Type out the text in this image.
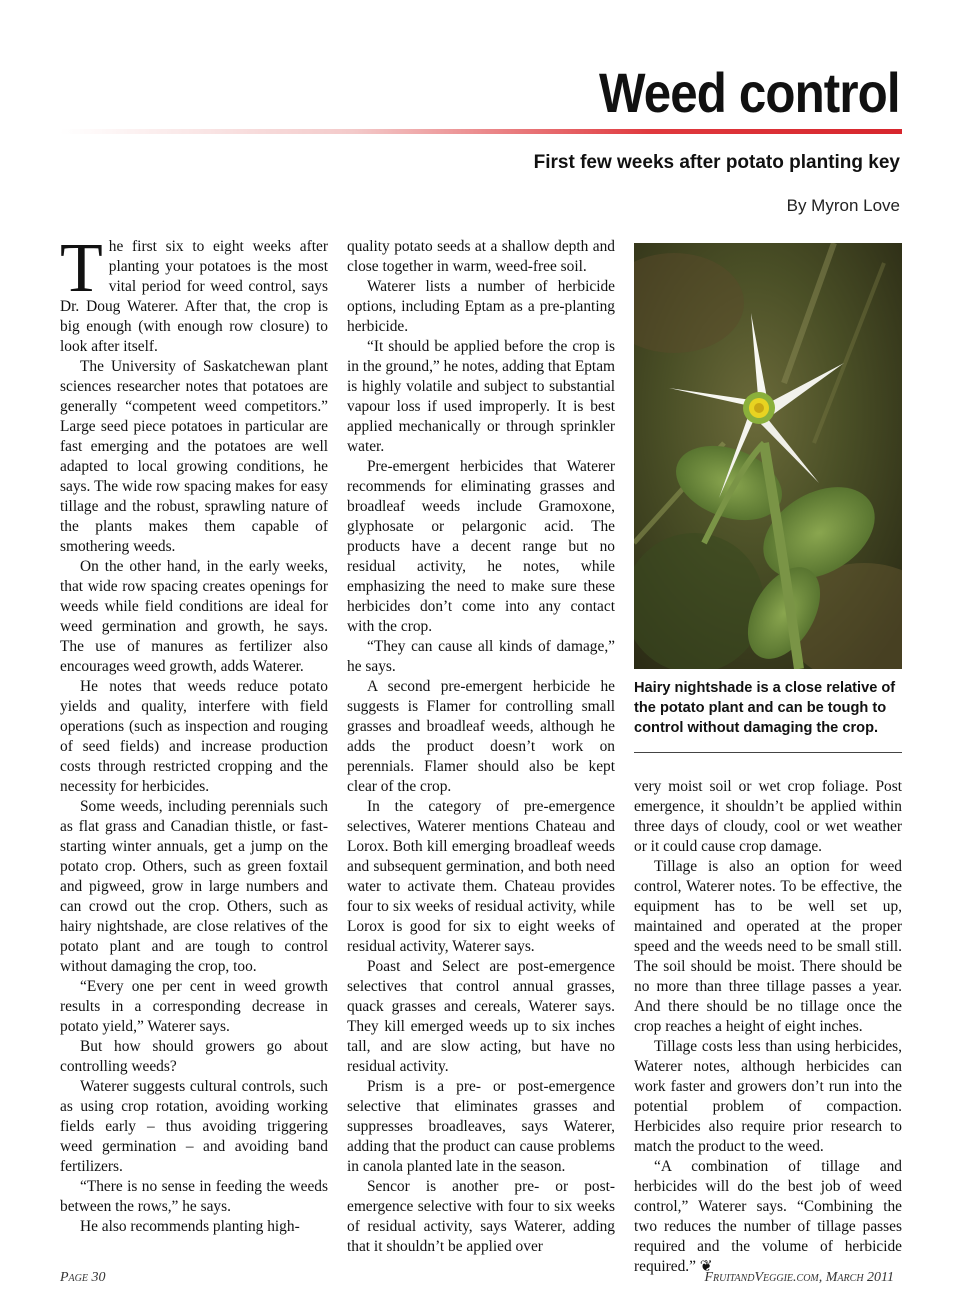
Weed control
First few weeks after potato planting key
By Myron Love

The first six to eight weeks after planting your potatoes is the most vital period for weed control, says Dr. Doug Waterer. After that, the crop is big enough (with enough row closure) to look after itself.

The University of Saskatchewan plant sciences researcher notes that potatoes are generally “competent weed competitors.” Large seed piece potatoes in particular are fast emerging and the potatoes are well adapted to local growing conditions, he says. The wide row spacing makes for easy tillage and the robust, sprawling nature of the plants makes them capable of smothering weeds.

On the other hand, in the early weeks, that wide row spacing creates openings for weeds while field conditions are ideal for weed germination and growth, he says. The use of manures as fertilizer also encourages weed growth, adds Waterer.

He notes that weeds reduce potato yields and quality, interfere with field operations (such as inspection and rouging of seed fields) and increase production costs through restricted cropping and the necessity for herbicides.

Some weeds, including perennials such as flat grass and Canadian thistle, or fast-starting winter annuals, get a jump on the potato crop. Others, such as green foxtail and pigweed, grow in large numbers and can crowd out the crop. Others, such as hairy nightshade, are close relatives of the potato plant and are tough to control without damaging the crop, too.

“Every one per cent in weed growth results in a corresponding decrease in potato yield,” Waterer says.

But how should growers go about controlling weeds?

Waterer suggests cultural controls, such as using crop rotation, avoiding working fields early – thus avoiding triggering weed germination – and avoiding band fertilizers.

“There is no sense in feeding the weeds between the rows,” he says.

He also recommends planting high-

quality potato seeds at a shallow depth and close together in warm, weed-free soil.

Waterer lists a number of herbicide options, including Eptam as a pre-planting herbicide.

“It should be applied before the crop is in the ground,” he notes, adding that Eptam is highly volatile and subject to substantial vapour loss if used improperly. It is best applied mechanically or through sprinkler water.

Pre-emergent herbicides that Waterer recommends for eliminating grasses and broadleaf weeds include Gramoxone, glyphosate or pelargonic acid. The products have a decent range but no residual activity, he notes, while emphasizing the need to make sure these herbicides don’t come into any contact with the crop.

“They can cause all kinds of damage,” he says.

A second pre-emergent herbicide he suggests is Flamer for controlling small grasses and broadleaf weeds, although he adds the product doesn’t work on perennials. Flamer should also be kept clear of the crop.

In the category of pre-emergence selectives, Waterer mentions Chateau and Lorox. Both kill emerging broadleaf weeds and subsequent germination, and both need water to activate them. Chateau provides four to six weeks of residual activity, while Lorox is good for six to eight weeks of residual activity, Waterer says.

Poast and Select are post-emergence selectives that control annual grasses, quack grasses and cereals, Waterer says. They kill emerged weeds up to six inches tall, and are slow acting, but have no residual activity.

Prism is a pre- or post-emergence selective that eliminates grasses and suppresses broadleaves, says Waterer, adding that the product can cause problems in canola planted late in the season.

Sencor is another pre- or post-emergence selective with four to six weeks of residual activity, says Waterer, adding that it shouldn’t be applied over

Hairy nightshade is a close relative of the potato plant and can be tough to control without damaging the crop.

very moist soil or wet crop foliage. Post emergence, it shouldn’t be applied within three days of cloudy, cool or wet weather or it could cause crop damage.

Tillage is also an option for weed control, Waterer notes. To be effective, the equipment has to be well set up, maintained and operated at the proper speed and the weeds need to be small still. The soil should be moist. There should be no more than three tillage passes a year. And there should be no tillage once the crop reaches a height of eight inches.

Tillage costs less than using herbicides, Waterer notes, although herbicides can work faster and growers don’t run into the potential problem of compaction. Herbicides also require prior research to match the product to the weed.

“A combination of tillage and herbicides will do the best job of weed control,” Waterer says. “Combining the two reduces the number of tillage passes required and the volume of herbicide required.” ❦

Page 30	FruitandVeggie.com, March 2011
